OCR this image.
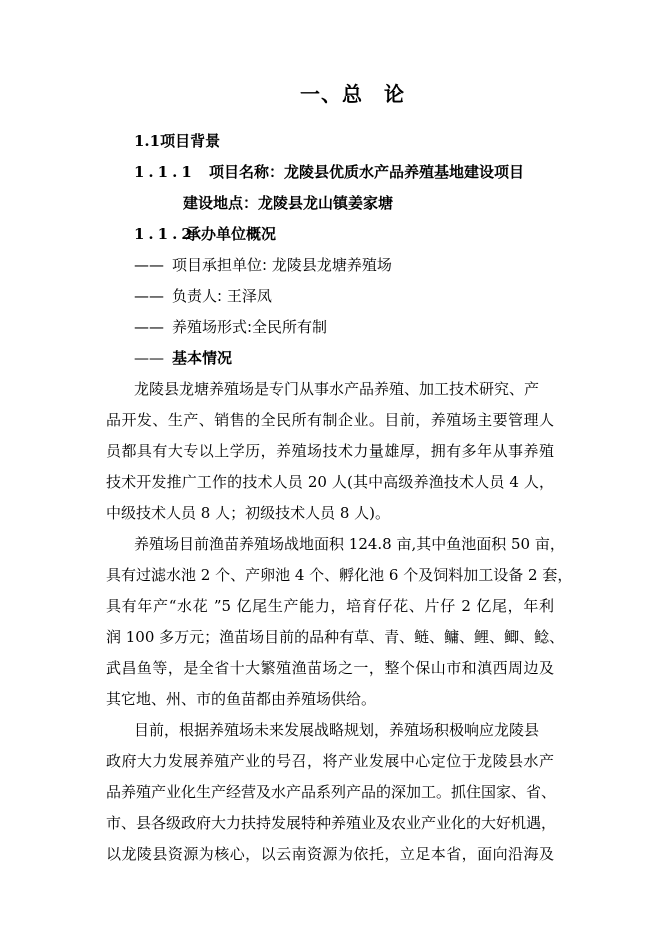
一、总　论
1.1项目背景
1.1.1 项目名称：龙陵县优质水产品养殖基地建设项目
建设地点：龙陵县龙山镇姜家塘
1.1.2
承办单位概况
—— 项目承担单位: 龙陵县龙塘养殖场
—— 负责人: 王泽凤
—— 养殖场形式:全民所有制
—— 基本情况
龙陵县龙塘养殖场是专门从事水产品养殖、加工技术研究、产
品开发、生产、销售的全民所有制企业。目前，养殖场主要管理人
员都具有大专以上学历，养殖场技术力量雄厚，拥有多年从事养殖
技术开发推广工作的技术人员 20 人(其中高级养渔技术人员 4 人，
中级技术人员 8 人；初级技术人员 8 人)。
养殖场目前渔苗养殖场战地面积 124.8 亩,其中鱼池面积 50 亩，
具有过滤水池 2 个、产卵池 4 个、孵化池 6 个及饲料加工设备 2 套，
具有年产“水花 ”5 亿尾生产能力，培育仔花、片仔 2 亿尾，年利
润 100 多万元；渔苗场目前的品种有草、青、鲢、鳙、鲤、鲫、鲶、
武昌鱼等，是全省十大繁殖渔苗场之一，整个保山市和滇西周边及
其它地、州、市的鱼苗都由养殖场供给。
目前，根据养殖场未来发展战略规划，养殖场积极响应龙陵县
政府大力发展养殖产业的号召，将产业发展中心定位于龙陵县水产
品养殖产业化生产经营及水产品系列产品的深加工。抓住国家、省、
市、县各级政府大力扶持发展特种养殖业及农业产业化的大好机遇，
以龙陵县资源为核心，以云南资源为依托，立足本省，面向沿海及
